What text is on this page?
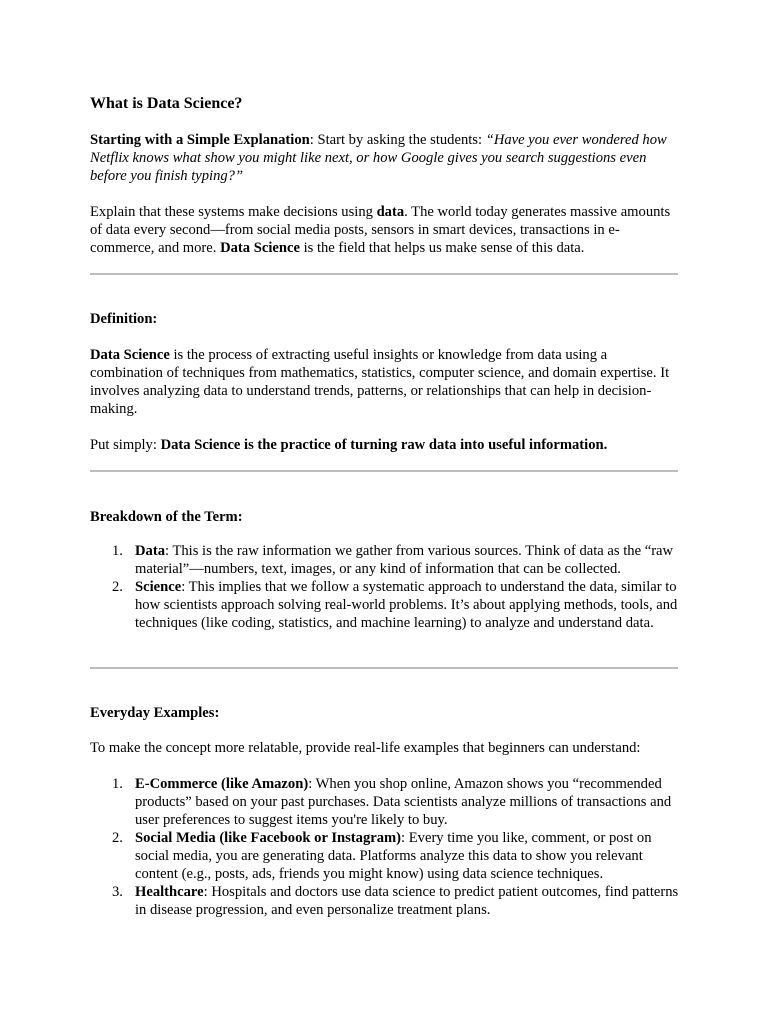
What is Data Science?

Starting with a Simple Explanation: Start by asking the students: “Have you ever wondered how Netflix knows what show you might like next, or how Google gives you search suggestions even before you finish typing?”

Explain that these systems make decisions using data. The world today generates massive amounts of data every second—from social media posts, sensors in smart devices, transactions in e-commerce, and more. Data Science is the field that helps us make sense of this data.

Definition:

Data Science is the process of extracting useful insights or knowledge from data using a combination of techniques from mathematics, statistics, computer science, and domain expertise. It involves analyzing data to understand trends, patterns, or relationships that can help in decision-making.

Put simply: Data Science is the practice of turning raw data into useful information.

Breakdown of the Term:
1. Data: This is the raw information we gather from various sources. Think of data as the “raw material”—numbers, text, images, or any kind of information that can be collected.
2. Science: This implies that we follow a systematic approach to understand the data, similar to how scientists approach solving real-world problems. It’s about applying methods, tools, and techniques (like coding, statistics, and machine learning) to analyze and understand data.
Everyday Examples:

To make the concept more relatable, provide real-life examples that beginners can understand:

1. E-Commerce (like Amazon): When you shop online, Amazon shows you “recommended products” based on your past purchases. Data scientists analyze millions of transactions and user preferences to suggest items you're likely to buy.
2. Social Media (like Facebook or Instagram): Every time you like, comment, or post on social media, you are generating data. Platforms analyze this data to show you relevant content (e.g., posts, ads, friends you might know) using data science techniques.
3. Healthcare: Hospitals and doctors use data science to predict patient outcomes, find patterns in disease progression, and even personalize treatment plans.
